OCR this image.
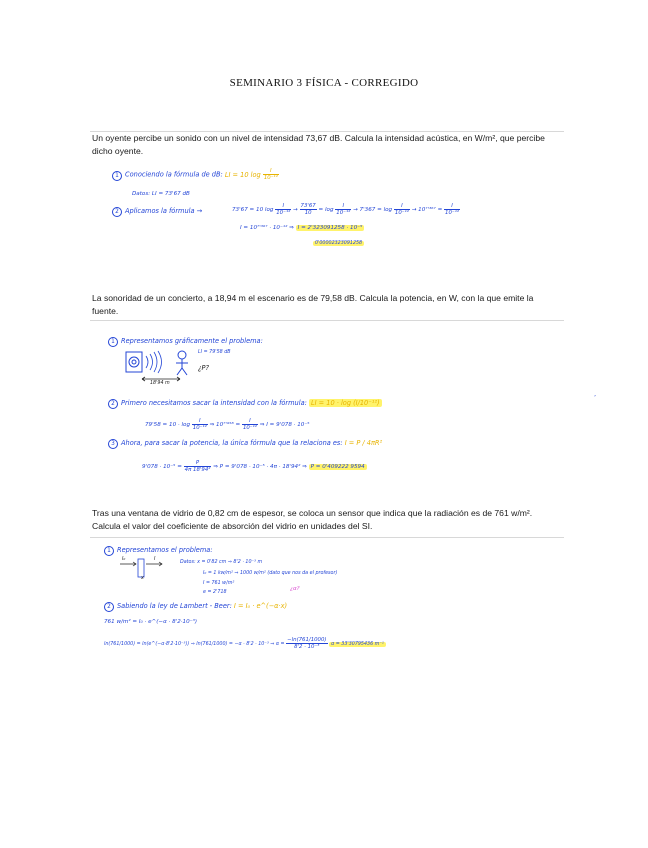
SEMINARIO 3 FÍSICA - CORREGIDO
Un oyente percibe un sonido con un nivel de intensidad 73,67 dB. Calcula la intensidad acústica, en W/m², que percibe dicho oyente.
1 Conociendo la fórmula de dB: LI = 10 $\log \frac{I}{\text{10⁻¹²}}$
Datos: LI = 73'67 dB
2 Aplicamos la fórmula →	73'67 = 10 $\log \frac{I}{\text{10⁻¹²}} \to \frac{73'67}{10} = \log \frac{I}{\text{10⁻¹²}} \to 7'367 = \log \frac{I}{\text{10⁻¹²}} \to 10^7'^{367} = \frac{I}{\text{10⁻¹²}}$
I = 10⁷'³⁶⁷ · 10⁻¹² ⇒ I = 2'323091258 · 10⁻⁵
0'00002323091258
La sonoridad de un concierto, a 18,94 m el escenario es de 79,58 dB. Calcula la potencia, en W, con la que emite la fuente.
1 Representamos gráficamente el problema:
LI = 79'58 dB
¿P?
18'94 m
2 Primero necesitamos sacar la intensidad con la fórmula: LI = 10 · log (I/10⁻¹²)
$79'58 = 10 \cdot \log \frac{I}{\text{10⁻¹²}}$ ⇒ $10^7'^{958} = \frac{I}{\text{10⁻¹²}}$ ⇒ I = 9'078 · 10⁻⁵
3 Ahora, para sacar la potencia, la única fórmula que la relaciona es: I = P / 4πR²
$9'078 \cdot 10^{-5} = \frac{P}{\text{4π 18'94²}}$ ⇒ P = 9'078 · 10⁻⁵ · 4π · 18'94² ⇒ P = 0'409222 9594
,
Tras una ventana de vidrio de 0,82 cm de espesor, se coloca un sensor que indica que la radiación es de 761 w/m². Calcula el valor del coeficiente de absorción del vidrio en unidades del SI.
1 Representamos el problema:
I₀	I
x
Datos: x = 0'82 cm ⇒ 8'2 · 10⁻³ m
I₀ = 1 kw/m² ⇒ 1000 w/m² (dato que nos da el profesor)
I = 761 w/m²
e = 2'718
¿α?
2 Sabiendo la ley de Lambert - Beer: I = I₀ · e^(−α·x)
761 w/m² = I₀ · e^(−α · 8'2·10⁻³)
ln(761/1000) = ln(e^(−α·8'2·10⁻³)) ⇒ ln(761/1000) = −α · 8'2 · 10⁻³ ⇒ $\alpha = \frac{-\ln(761/1000)}{\text{8'2 · 10⁻³}}$ α = 33'30795436 m⁻¹
